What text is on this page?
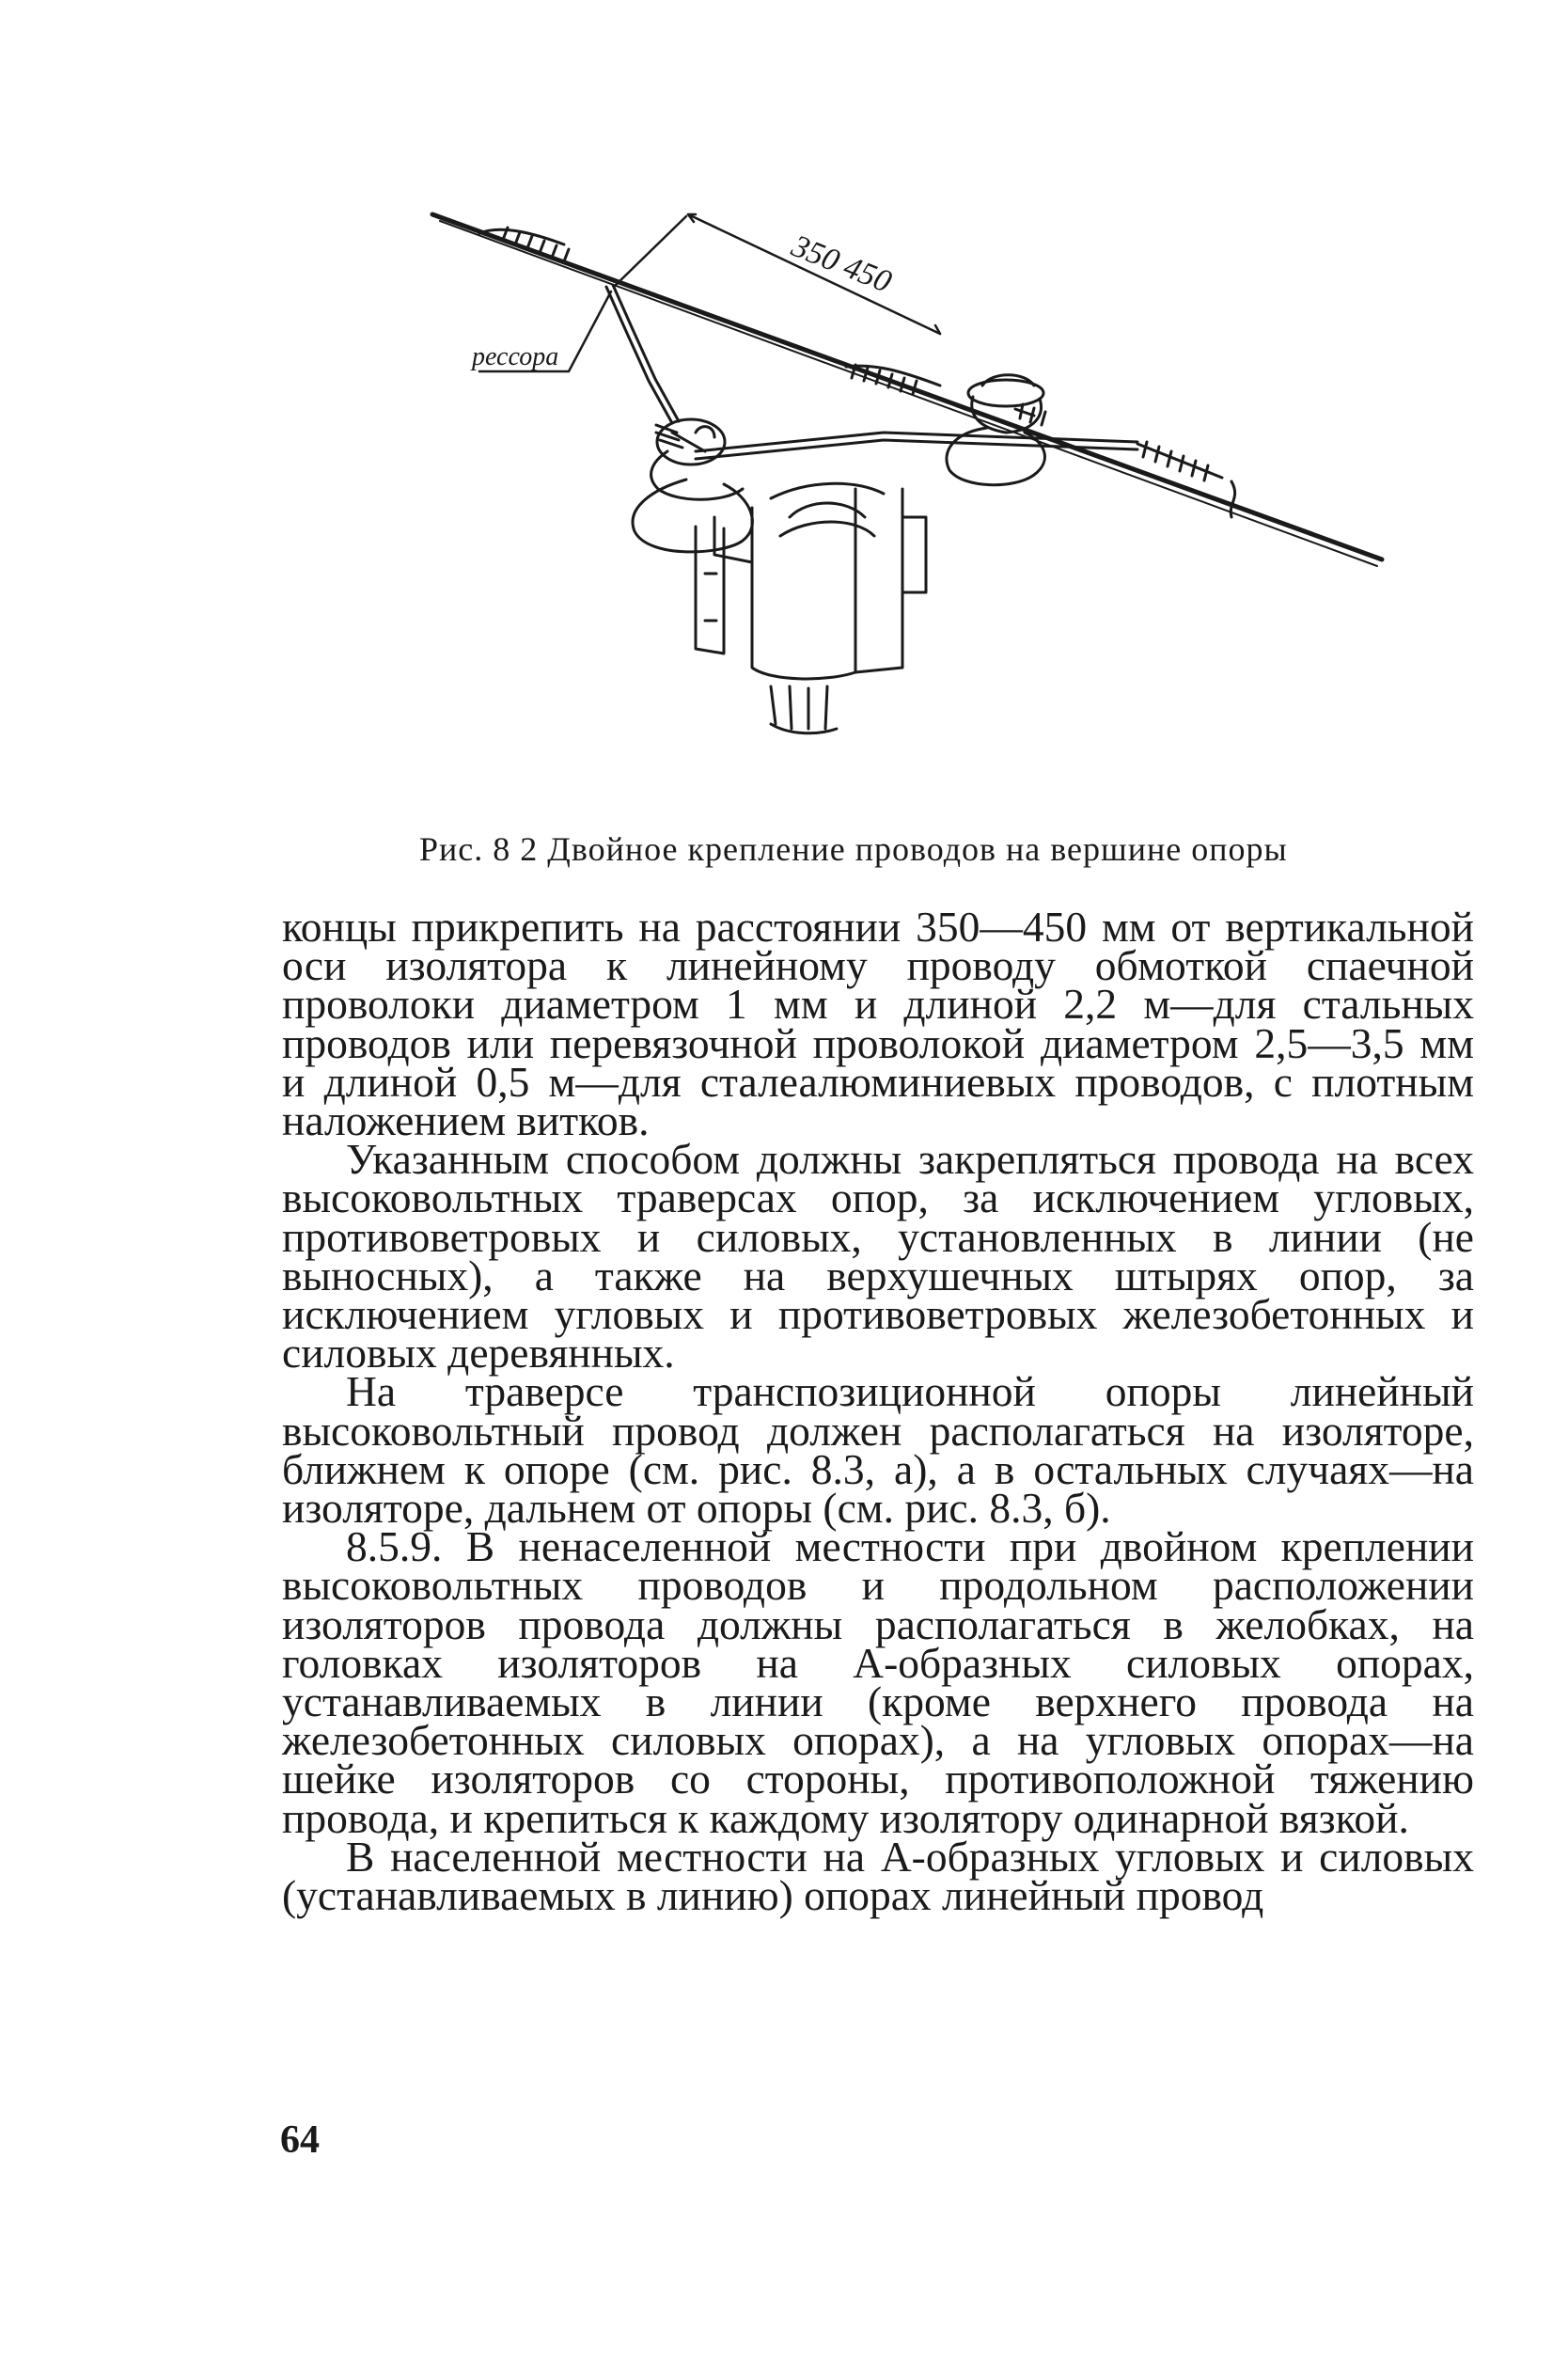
350 450
рессора
Рис. 8 2 Двойное крепление проводов на вершине опоры

концы прикрепить на расстоянии 350—450 мм от вертикальной оси изолятора к линейному проводу обмоткой спаечной проволоки диаметром 1 мм и длиной 2,2 м—для стальных проводов или перевязочной проволокой диаметром 2,5—3,5 мм и длиной 0,5 м—для сталеалюминиевых проводов, с плотным наложением витков.

Указанным способом должны закрепляться провода на всех высоковольтных траверсах опор, за исключением угловых, противоветровых и силовых, установленных в линии (не выносных), а также на верхушечных штырях опор, за исключением угловых и противоветровых железобетонных и силовых деревянных.

На траверсе транспозиционной опоры линейный высоковольтный провод должен располагаться на изоляторе, ближнем к опоре (см. рис. 8.3, а), а в остальных случаях—на изоляторе, дальнем от опоры (см. рис. 8.3, б).

8.5.9. В ненаселенной местности при двойном креплении высоковольтных проводов и продольном расположении изоляторов провода должны располагаться в желобках, на головках изоляторов на А-образных силовых опорах, устанавливаемых в линии (кроме верхнего провода на железобетонных силовых опорах), а на угловых опорах—на шейке изоляторов со стороны, противоположной тяжению провода, и крепиться к каждому изолятору одинарной вязкой.

В населенной местности на А-образных угловых и силовых (устанавливаемых в линию) опорах линейный провод

64
